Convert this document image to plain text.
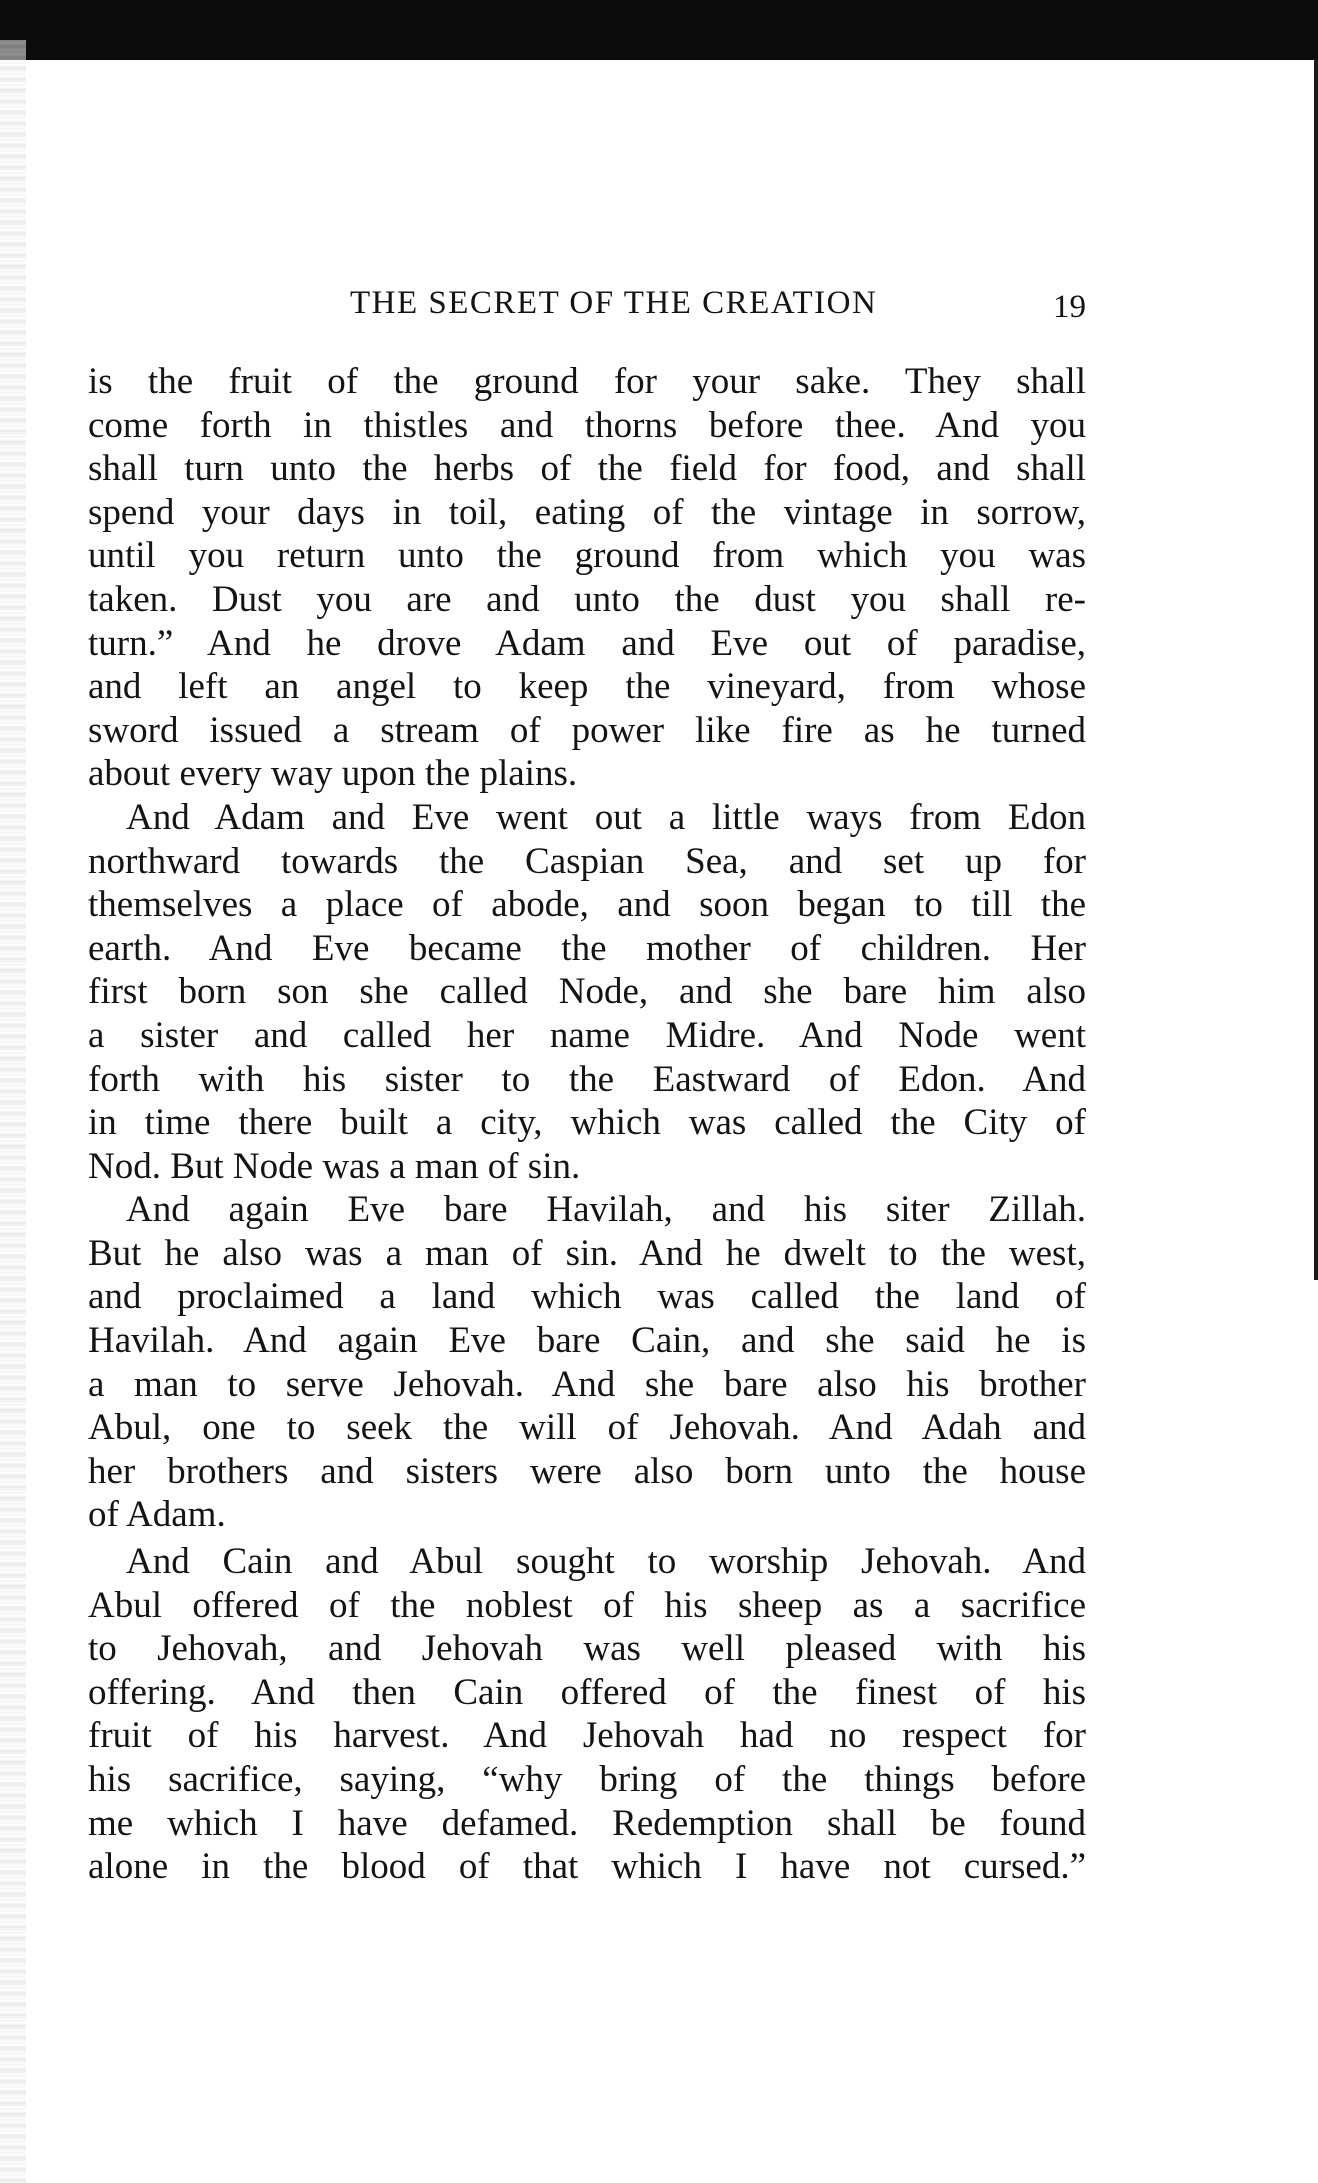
THE SECRET OF THE CREATION	19
is the fruit of the ground for your sake. They shall
come forth in thistles and thorns before thee. And you
shall turn unto the herbs of the field for food, and shall
spend your days in toil, eating of the vintage in sorrow,
until you return unto the ground from which you was
taken. Dust you are and unto the dust you shall re-
turn.” And he drove Adam and Eve out of paradise,
and left an angel to keep the vineyard, from whose
sword issued a stream of power like fire as he turned
about every way upon the plains.
And Adam and Eve went out a little ways from Edon
northward towards the Caspian Sea, and set up for
themselves a place of abode, and soon began to till the
earth. And Eve became the mother of children. Her
first born son she called Node, and she bare him also
a sister and called her name Midre. And Node went
forth with his sister to the Eastward of Edon. And
in time there built a city, which was called the City of
Nod. But Node was a man of sin.
And again Eve bare Havilah, and his siter Zillah.
But he also was a man of sin. And he dwelt to the west,
and proclaimed a land which was called the land of
Havilah. And again Eve bare Cain, and she said he is
a man to serve Jehovah. And she bare also his brother
Abul, one to seek the will of Jehovah. And Adah and
her brothers and sisters were also born unto the house
of Adam.
And Cain and Abul sought to worship Jehovah. And
Abul offered of the noblest of his sheep as a sacrifice
to Jehovah, and Jehovah was well pleased with his
offering. And then Cain offered of the finest of his
fruit of his harvest. And Jehovah had no respect for
his sacrifice, saying, “why bring of the things before
me which I have defamed. Redemption shall be found
alone in the blood of that which I have not cursed.”
